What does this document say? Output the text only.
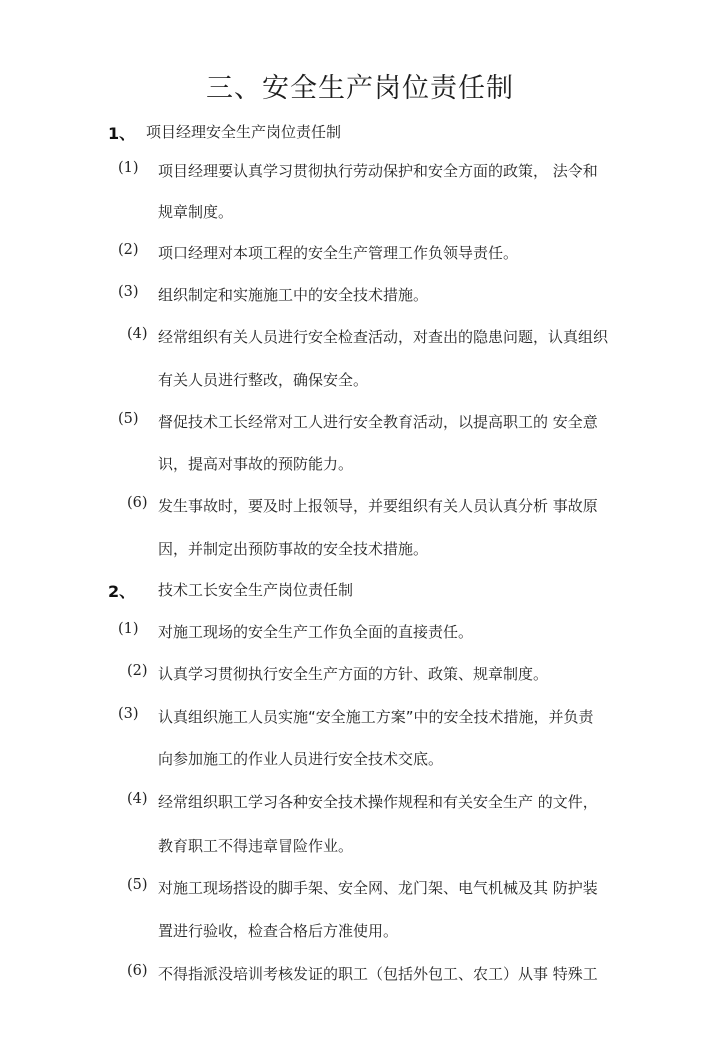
三、安全生产岗位责任制
1、 项目经理安全生产岗位责任制
(1) 项目经理要认真学习贯彻执行劳动保护和安全方面的政策， 法令和
规章制度。
(2) 项口经理对本项工程的安全生产管理工作负领导责任。
(3) 组织制定和实施施工中的安全技术措施。
(4) 经常组织有关人员进行安全检查活动，对查出的隐患问题，认真组织
有关人员进行整改，确保安全。
(5) 督促技术工长经常对工人进行安全教育活动，以提高职工的 安全意
识，提高对事故的预防能力。
(6) 发生事故时，要及时上报领导，并要组织有关人员认真分析 事故原
因，并制定出预防事故的安全技术措施。
2、 技术工长安全生产岗位责任制
(1) 对施工现场的安全生产工作负全面的直接责任。
(2) 认真学习贯彻执行安全生产方面的方针、政策、规章制度。
(3) 认真组织施工人员实施“安全施工方案”中的安全技术措施，并负责
向参加施工的作业人员进行安全技术交底。
(4) 经常组织职工学习各种安全技术操作规程和有关安全生产 的文件，
教育职工不得违章冒险作业。
(5) 对施工现场搭设的脚手架、安全网、龙门架、电气机械及其 防护装
置进行验收，检查合格后方准使用。
(6) 不得指派没培训考核发证的职工（包括外包工、农工）从事 特殊工
